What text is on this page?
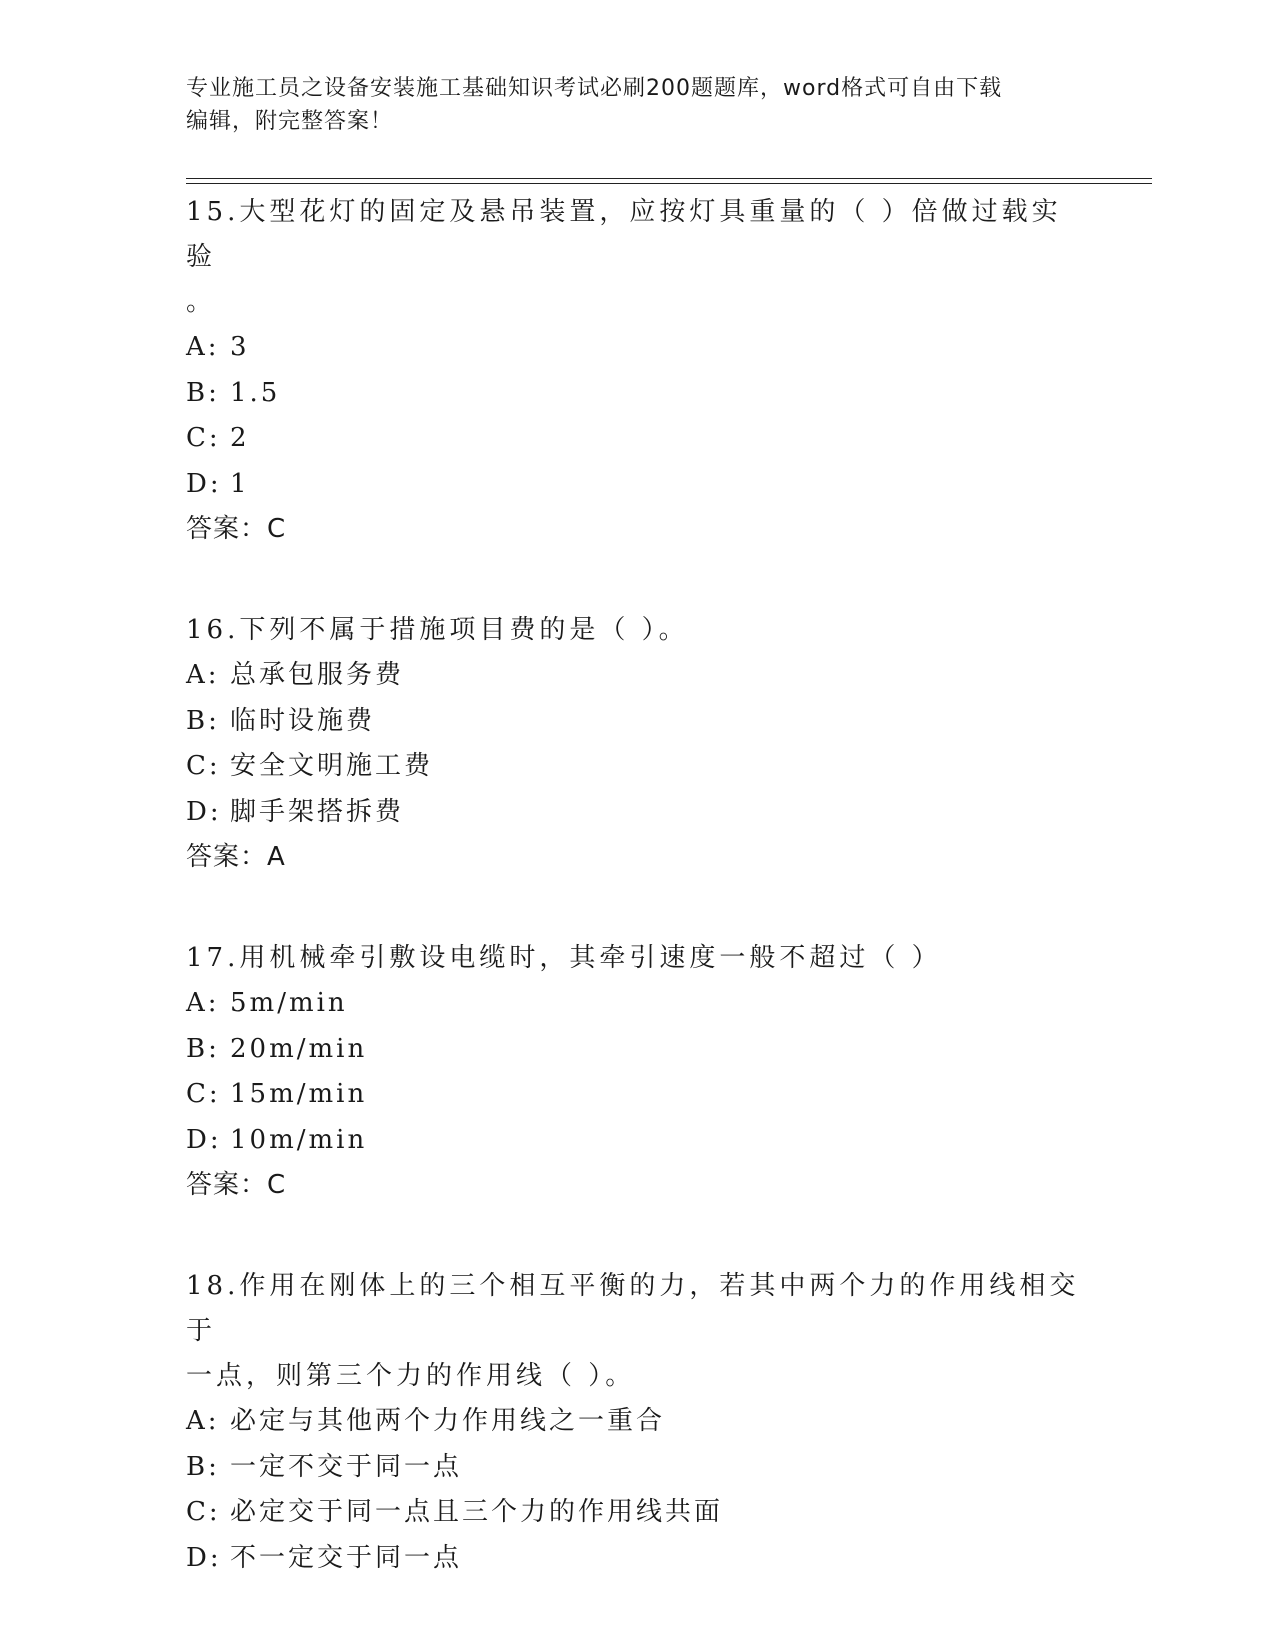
专业施工员之设备安装施工基础知识考试必刷200题题库，word格式可自由下载
编辑，附完整答案！

15.大型花灯的固定及悬吊装置，应按灯具重量的（ ）倍做过载实验
。

A: 3

B: 1.5

C: 2

D: 1

答案：C

16.下列不属于措施项目费的是（ ）。

A: 总承包服务费

B: 临时设施费

C: 安全文明施工费

D: 脚手架搭拆费

答案：A

17.用机械牵引敷设电缆时，其牵引速度一般不超过（ ）

A: 5m/min

B: 20m/min

C: 15m/min

D: 10m/min

答案：C

18.作用在刚体上的三个相互平衡的力，若其中两个力的作用线相交于
一点，则第三个力的作用线（ ）。

A: 必定与其他两个力作用线之一重合

B: 一定不交于同一点

C: 必定交于同一点且三个力的作用线共面

D: 不一定交于同一点
